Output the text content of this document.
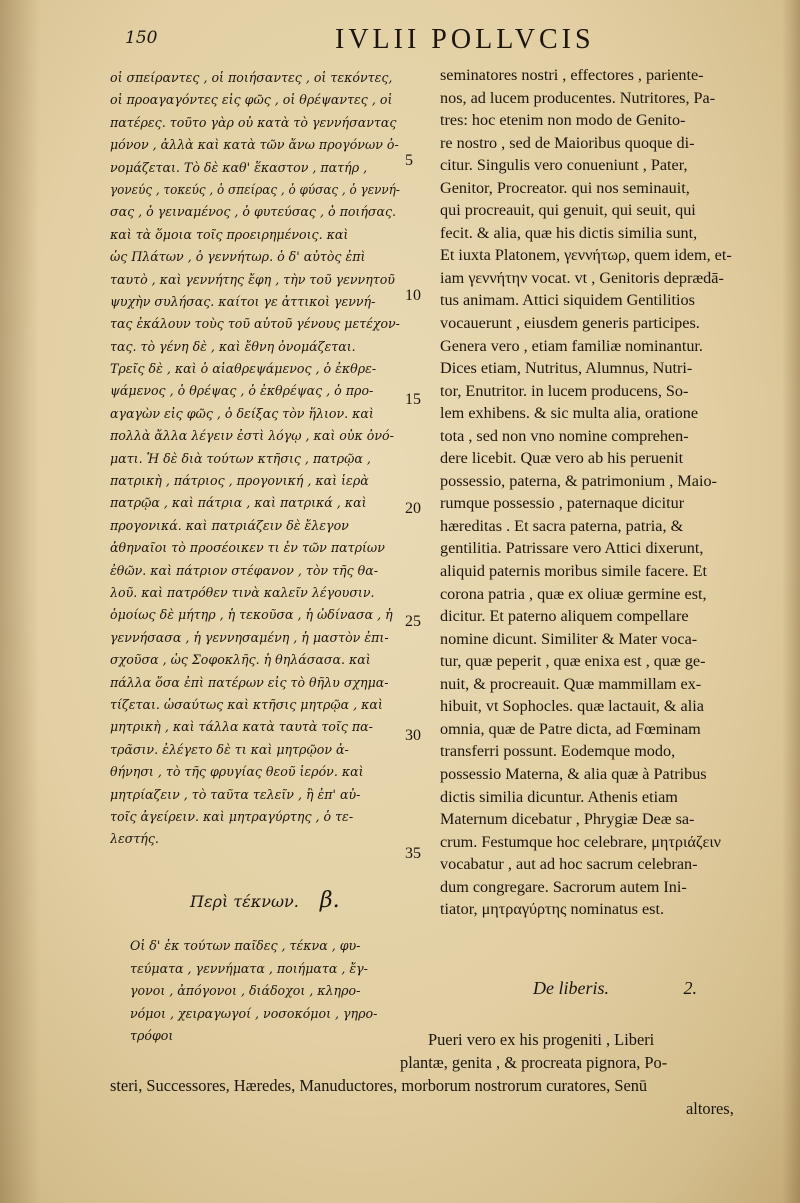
150	IVLII POLLVCIS
οἱ σπείραντες , οἱ ποιήσαντες , οἱ τεκόντες,
οἱ προαγαγόντες εἰς φῶς , οἱ θρέψαντες , οἱ
πατέρες. τοῦτο γὰρ οὐ κατὰ τὸ γεννήσαντας
μόνον , ἀλλὰ καὶ κατὰ τῶν ἄνω προγόνων ὀ-
νομάζεται. Τὸ δὲ καθ' ἕκαστον , πατήρ ,
γονεύς , τοκεύς , ὁ σπείρας , ὁ φύσας , ὁ γεννή-
σας , ὁ γειναμένος , ὁ φυτεύσας , ὁ ποιήσας.
καὶ τὰ ὅμοια τοῖς προειρημένοις. καὶ
ὡς Πλάτων , ὁ γεννήτωρ. ὁ δ' αὐτὸς ἐπὶ
ταυτὸ , καὶ γεννήτης ἔφη , τὴν τοῦ γεννητοῦ
ψυχὴν συλήσας. καίτοι γε ἀττικοὶ γεννή-
τας ἐκάλουν τοὺς τοῦ αὐτοῦ γένους μετέχον-
τας. τὸ γένη δὲ , καὶ ἔθνη ὀνομάζεται.
Τρεῖς δὲ , καὶ ὁ αἰαθρεψάμενος , ὁ ἐκθρε-
ψάμενος , ὁ θρέψας , ὁ ἐκθρέψας , ὁ προ-
αγαγὼν εἰς φῶς , ὁ δείξας τὸν ἥλιον. καὶ
πολλὰ ἄλλα λέγειν ἐστὶ λόγῳ , καὶ οὐκ ὀνό-
ματι. Ἡ δὲ διὰ τούτων κτῆσις , πατρῷα ,
πατρικὴ , πάτριος , προγονική , καὶ ἱερὰ
πατρῷα , καὶ πάτρια , καὶ πατρικά , καὶ
προγονικά. καὶ πατριάζειν δὲ ἔλεγον
ἀθηναῖοι τὸ προσέοικεν τι ἐν τῶν πατρίων
ἐθῶν. καὶ πάτριον στέφανον , τὸν τῆς θα-
λοῦ. καὶ πατρόθεν τινὰ καλεῖν λέγουσιν.
ὁμοίως δὲ μήτηρ , ἡ τεκοῦσα , ἡ ὠδίνασα , ἡ
γεννήσασα , ἡ γεννησαμένη , ἡ μαστὸν ἐπι-
σχοῦσα , ὡς Σοφοκλῆς. ἡ θηλάσασα. καὶ
πάλλα ὅσα ἐπὶ πατέρων εἰς τὸ θῆλυ σχημα-
τίζεται. ὡσαύτως καὶ κτῆσις μητρῷα , καὶ
μητρικὴ , καὶ τάλλα κατὰ ταυτὰ τοῖς πα-
τρᾶσιν. ἐλέγετο δὲ τι καὶ μητρῷον ἀ-
θήνησι , τὸ τῆς φρυγίας θεοῦ ἱερόν. καὶ
μητρίαζειν , τὸ ταῦτα τελεῖν , ἢ ἐπ' αὐ-
τοῖς ἀγείρειν. καὶ μητραγύρτης , ὁ τε-
λεστής.
seminatores nostri , effectores , pariente-
nos, ad lucem producentes. Nutritores, Pa-
tres: hoc etenim non modo de Genito-
re nostro , sed de Maioribus quoque di-
citur. Singulis vero conueniunt , Pater,
Genitor, Procreator. qui nos seminauit,
qui procreauit, qui genuit, qui seuit, qui
fecit. & alia, quæ his dictis similia sunt,
Et iuxta Platonem, γεννήτωρ, quem idem, et-
iam γεννήτην vocat. vt , Genitoris deprædā-
tus animam. Attici siquidem Gentilitios
vocauerunt , eiusdem generis participes.
Genera vero , etiam familiæ nominantur.
Dices etiam, Nutritus, Alumnus, Nutri-
tor, Enutritor. in lucem producens, So-
lem exhibens. & sic multa alia, oratione
tota , sed non vno nomine comprehen-
dere licebit. Quæ vero ab his peruenit
possessio, paterna, & patrimonium , Maio-
rumque possessio , paternaque dicitur
hæreditas . Et sacra paterna, patria, &
gentilitia. Patrissare vero Attici dixerunt,
aliquid paternis moribus simile facere. Et
corona patria , quæ ex oliuæ germine est,
dicitur. Et paterno aliquem compellare
nomine dicunt. Similiter & Mater voca-
tur, quæ peperit , quæ enixa est , quæ ge-
nuit, & procreauit. Quæ mammillam ex-
hibuit, vt Sophocles. quæ lactauit, & alia
omnia, quæ de Patre dicta, ad Fœminam
transferri possunt. Eodemque modo,
possessio Materna, & alia quæ à Patribus
dictis similia dicuntur. Athenis etiam
Maternum dicebatur , Phrygiæ Deæ sa-
crum. Festumque hoc celebrare, μητριάζειν
vocabatur , aut ad hoc sacrum celebran-
dum congregare. Sacrorum autem Ini-
tiator, μητραγύρτης nominatus est.
5
10
15
20
25
30
35
Περὶ τέκνων. β.
Οἱ δ' ἐκ τούτων παῖδες , τέκνα , φυ-
τεύματα , γεννήματα , ποιήματα , ἔγ-
γονοι , ἀπόγονοι , διάδοχοι , κληρο-
νόμοι , χειραγωγοί , νοσοκόμοι , γηρο-
τρόφοι
De liberis.	2.
Pueri vero ex his progeniti , Liberi
plantæ, genita , & procreata pignora, Po-
steri, Successores, Hæredes, Manuductores, morborum nostrorum curatores, Senū
altores,
